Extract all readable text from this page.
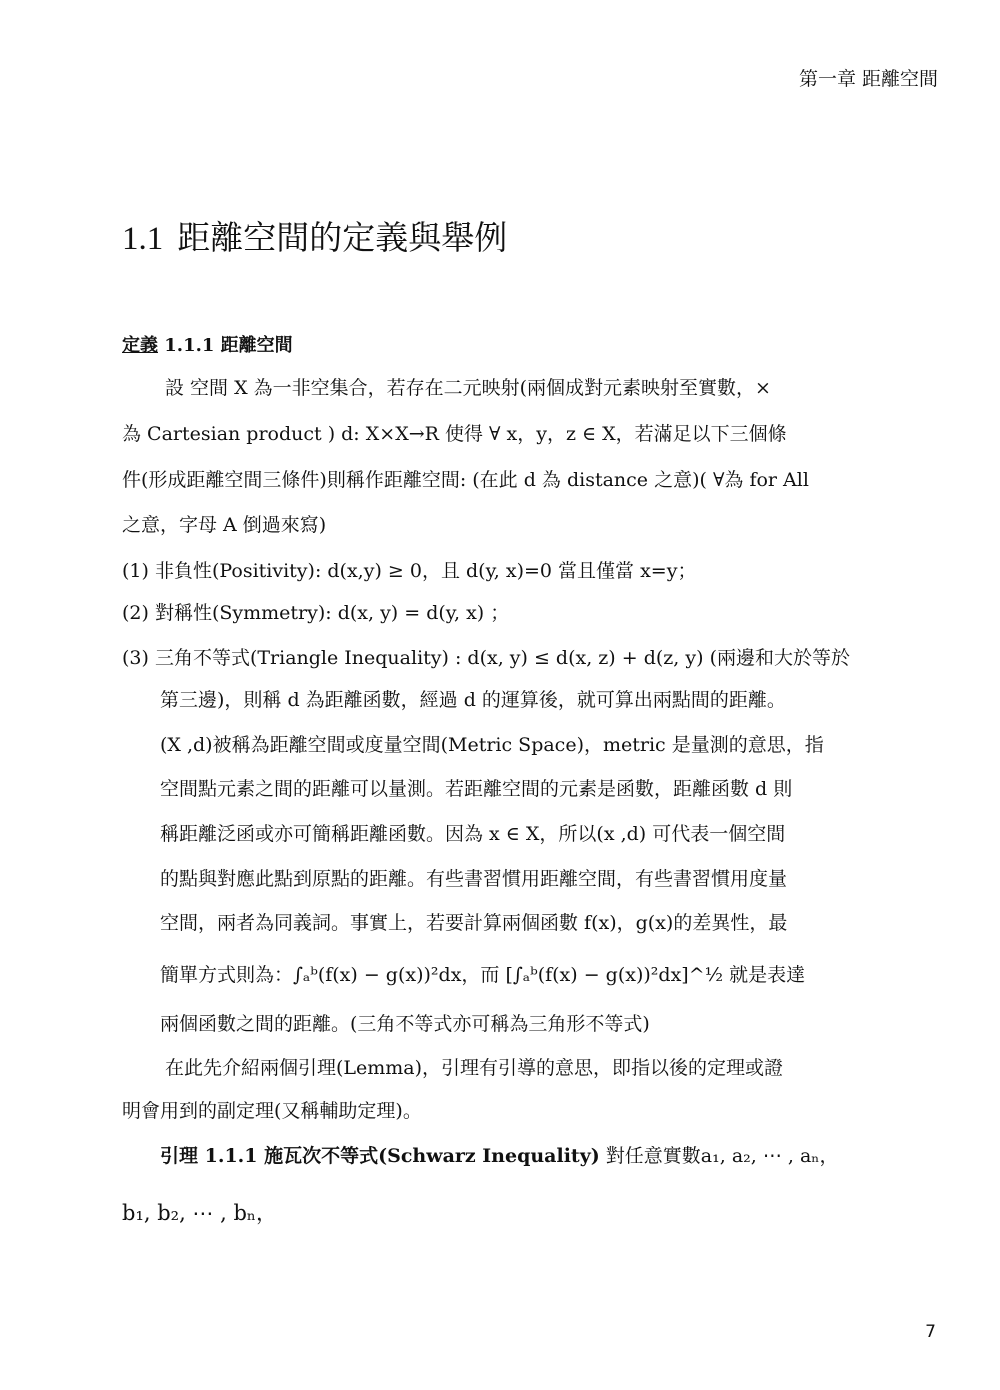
第一章 距離空間
1.1 距離空間的定義與舉例
定義 1.1.1 距離空間
設 空間 X 為一非空集合，若存在二元映射(兩個成對元素映射至實數，×
為 Cartesian product ) d: X×X→R 使得 ∀ x，y，z ∈ X，若滿足以下三個條
件(形成距離空間三條件)則稱作距離空間: (在此 d 為 distance 之意)( ∀為 for All
之意，字母 A 倒過來寫)
(1) 非負性(Positivity): d(x,y) ≥ 0，且 d(y, x)=0 當且僅當 x=y；
(2) 對稱性(Symmetry): d(x, y) = d(y, x) ；
(3) 三角不等式(Triangle Inequality) : d(x, y) ≤ d(x, z) + d(z, y) (兩邊和大於等於
第三邊)，則稱 d 為距離函數，經過 d 的運算後，就可算出兩點間的距離。
(X ,d)被稱為距離空間或度量空間(Metric Space)，metric 是量測的意思，指
空間點元素之間的距離可以量測。若距離空間的元素是函數，距離函數 d 則
稱距離泛函或亦可簡稱距離函數。因為 x ∈ X，所以(x ,d) 可代表一個空間
的點與對應此點到原點的距離。有些書習慣用距離空間，有些書習慣用度量
空間，兩者為同義詞。事實上，若要計算兩個函數 f(x)，g(x)的差異性，最
簡單方式則為：∫ₐᵇ(f(x) − g(x))²dx，而 [∫ₐᵇ(f(x) − g(x))²dx]^½ 就是表達
兩個函數之間的距離。(三角不等式亦可稱為三角形不等式)
在此先介紹兩個引理(Lemma)，引理有引導的意思，即指以後的定理或證
明會用到的副定理(又稱輔助定理)。
引理 1.1.1 施瓦次不等式(Schwarz Inequality) 對任意實數a₁, a₂, ⋯ , aₙ，
b₁, b₂, ⋯ , bₙ，
7
